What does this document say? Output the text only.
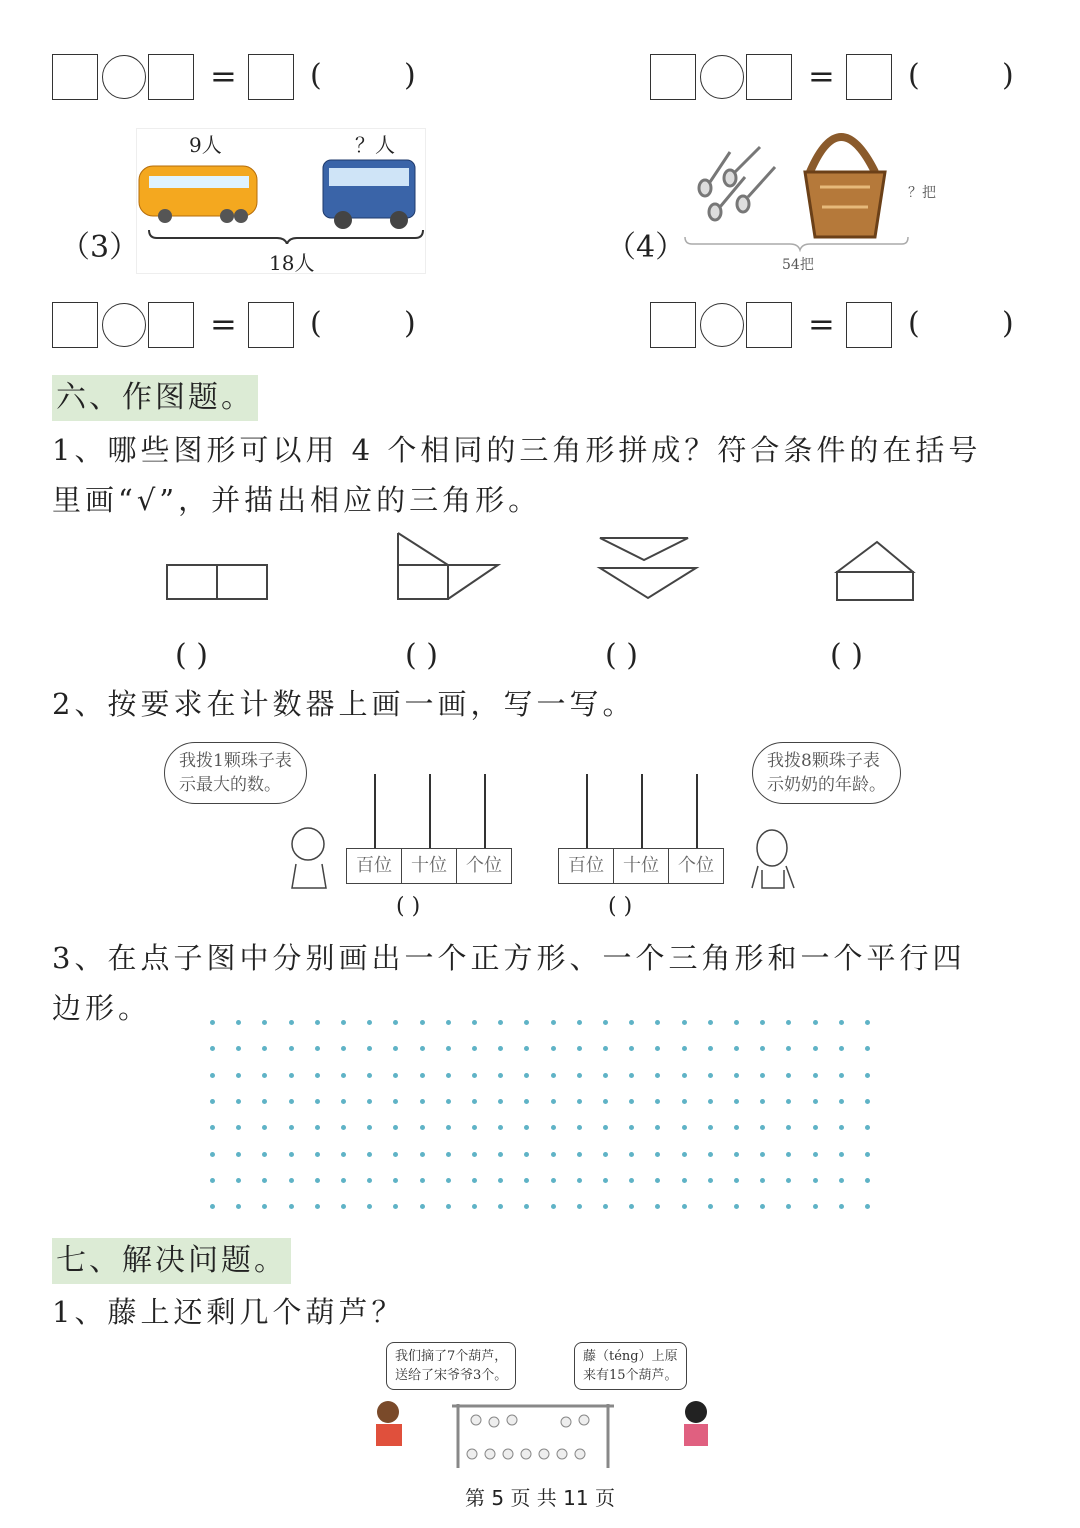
= (	)	= (	)
= (	)	= (	)
9人	？人
18人
（3）	（4）
？把
54把
六、作图题。
1、哪些图形可以用 4 个相同的三角形拼成？符合条件的在括号
里画“√”，并描出相应的三角形。
( )	( )	( )	( )
2、按要求在计数器上画一画，写一写。
我拨1颗珠子表
示最大的数。
我拨8颗珠子表
示奶奶的年龄。
百位	十位	个位
( )
百位	十位	个位
( )
3、在点子图中分别画出一个正方形、一个三角形和一个平行四
边形。
七、解决问题。
1、藤上还剩几个葫芦？
我们摘了7个葫芦，
送给了宋爷爷3个。
藤（téng）上原
来有15个葫芦。
第 5 页 共 11 页
